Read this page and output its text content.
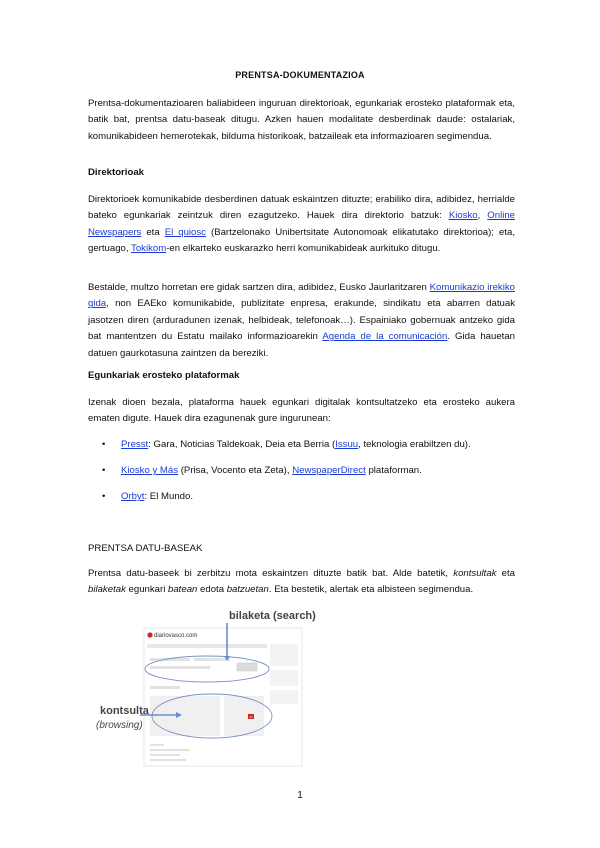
PRENTSA-DOKUMENTAZIOA
Prentsa-dokumentazioaren baliabideen inguruan direktorioak, egunkariak erosteko plataformak eta, batik bat, prentsa datu-baseak ditugu. Azken hauen modalitate desberdinak daude: ostalariak, komunikabideen hemerotekak, bilduma historikoak, batzaileak eta informazioaren segimendua.
Direktorioak
Direktorioek komunikabide desberdinen datuak eskaintzen dituzte; erabiliko dira, adibidez, herrialde bateko egunkariak zeintzuk diren ezagutzeko. Hauek dira direktorio batzuk: Kiosko, Online Newspapers eta El quiosc (Bartzelonako Unibertsitate Autonomoak elikatutako direktorioa); eta, gertuago, Tokikom-en elkarteko euskarazko herri komunikabideak aurkituko ditugu.
Bestalde, multzo horretan ere gidak sartzen dira, adibidez, Eusko Jaurlaritzaren Komunikazio irekiko gida, non EAEko komunikabide, publizitate enpresa, erakunde, sindikatu eta abarren datuak jasotzen diren (arduradunen izenak, helbideak, telefonoak…). Espainiako gobernuak antzeko gida bat mantentzen du Estatu mailako informazioarekin Agenda de la comunicación. Gida hauetan datuen gaurkotasuna zaintzen da bereziki.
Egunkariak erosteko plataformak
Izenak dioen bezala, plataforma hauek egunkari digitalak kontsultatzeko eta erosteko aukera ematen digute. Hauek dira ezagunenak gure ingurunean:
• Presst: Gara, Noticias Taldekoak, Deia eta Berria (Issuu, teknologia erabiltzen du).
• Kiosko y Más (Prisa, Vocento eta Zeta), NewspaperDirect plataforman.
• Orbyt: El Mundo.
PRENTSA DATU-BASEAK
Prentsa datu-baseek bi zerbitzu mota eskaintzen dituzte batik bat. Alde batetik, kontsultak eta bilaketak egunkari batean edota batzuetan. Eta bestetik, alertak eta albisteen segimendua.
diariovasco.com
bilaketa (search)
17
kontsulta
(browsing)
1
